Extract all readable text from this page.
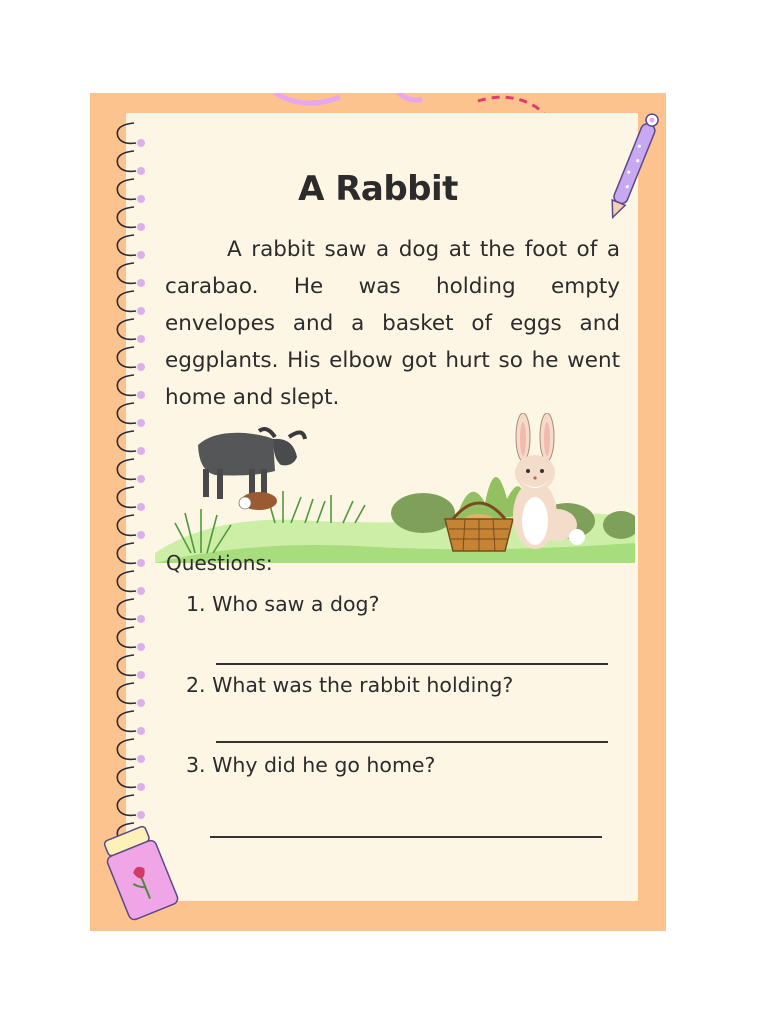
A Rabbit
A rabbit saw a dog at the foot of a carabao. He was holding empty envelopes and a basket of eggs and eggplants. His elbow got hurt so he went home and slept.
Questions:
1. Who saw a dog?
2. What was the rabbit holding?
3. Why did he go home?
